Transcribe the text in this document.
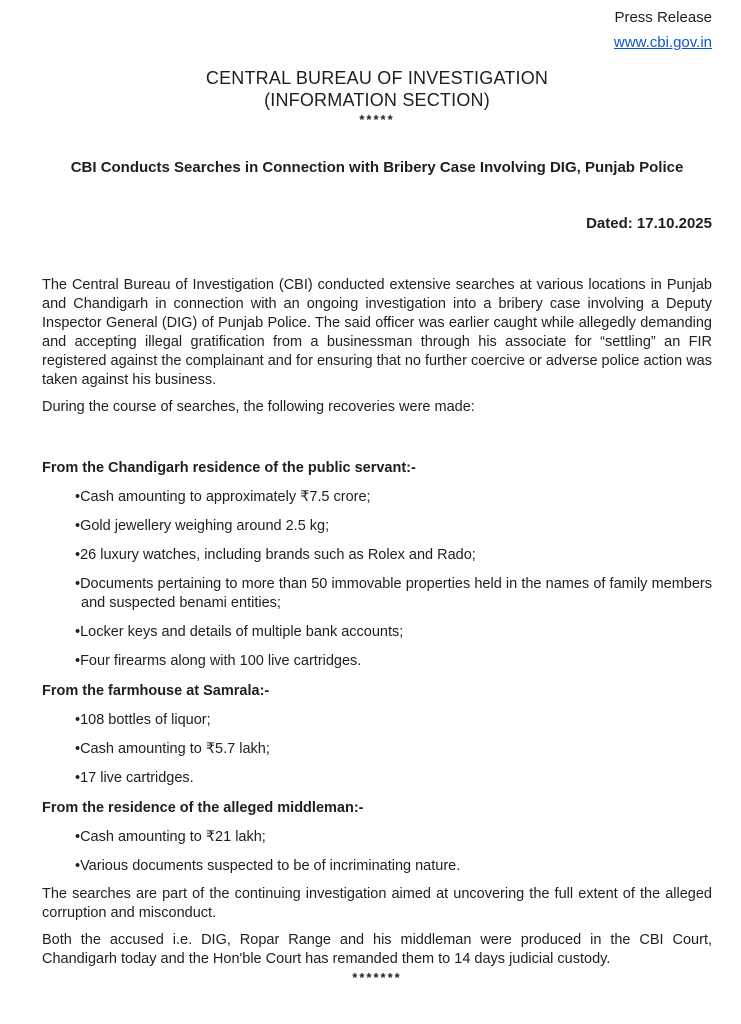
Press Release
www.cbi.gov.in
CENTRAL BUREAU OF INVESTIGATION
(INFORMATION SECTION)
*****
CBI Conducts Searches in Connection with Bribery Case Involving DIG, Punjab Police
Dated: 17.10.2025

The Central Bureau of Investigation (CBI) conducted extensive searches at various locations in Punjab and Chandigarh in connection with an ongoing investigation into a bribery case involving a Deputy Inspector General (DIG) of Punjab Police. The said officer was earlier caught while allegedly demanding and accepting illegal gratification from a businessman through his associate for “settling” an FIR registered against the complainant and for ensuring that no further coercive or adverse police action was taken against his business.

During the course of searches, the following recoveries were made:

From the Chandigarh residence of the public servant:-
•Cash amounting to approximately ₹7.5 crore;
•Gold jewellery weighing around 2.5 kg;
•26 luxury watches, including brands such as Rolex and Rado;
•Documents pertaining to more than 50 immovable properties held in the names of family members and suspected benami entities;
•Locker keys and details of multiple bank accounts;
•Four firearms along with 100 live cartridges.
From the farmhouse at Samrala:-
•108 bottles of liquor;
•Cash amounting to ₹5.7 lakh;
•17 live cartridges.
From the residence of the alleged middleman:-
•Cash amounting to ₹21 lakh;
•Various documents suspected to be of incriminating nature.

The searches are part of the continuing investigation aimed at uncovering the full extent of the alleged corruption and misconduct.

Both the accused i.e. DIG, Ropar Range and his middleman were produced in the CBI Court, Chandigarh today and the Hon'ble Court has remanded them to 14 days judicial custody.

*******
